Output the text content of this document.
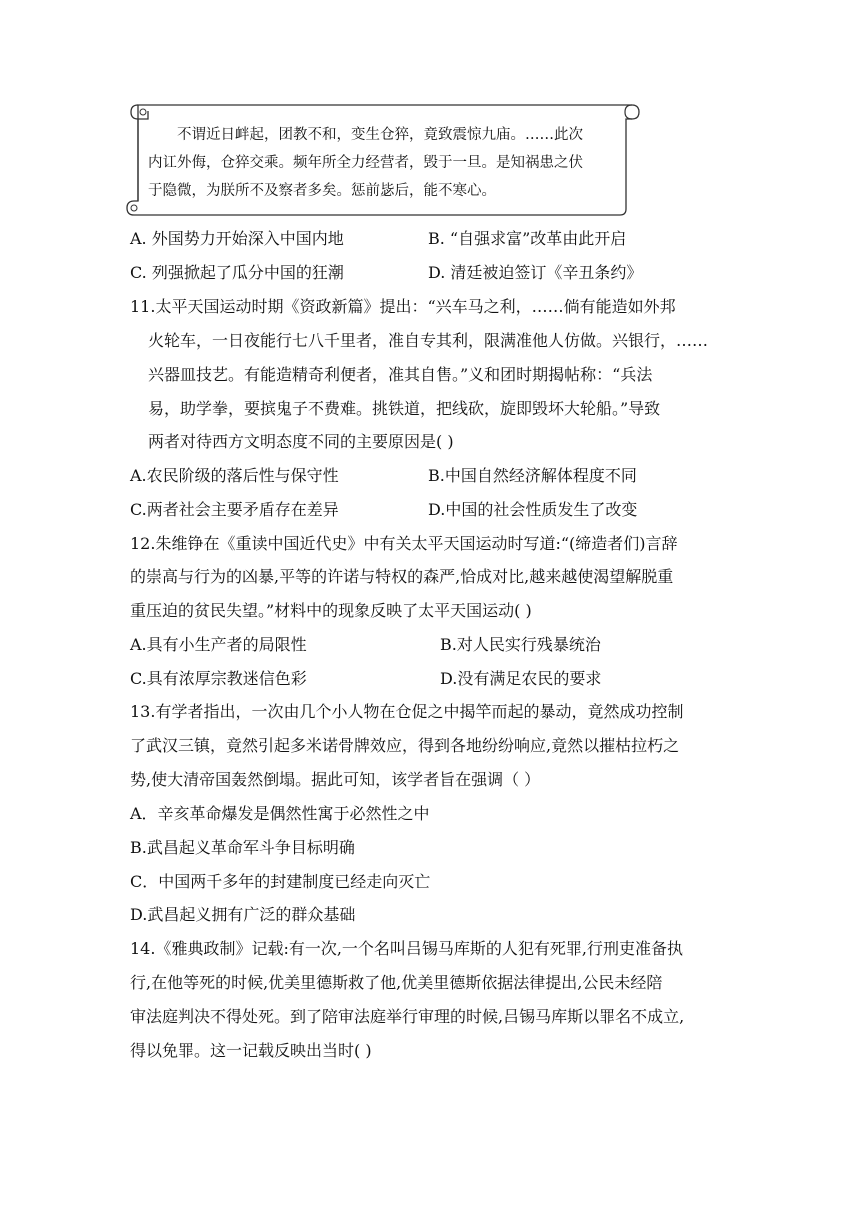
不谓近日衅起，团教不和，变生仓猝，竟致震惊九庙。……此次

内讧外侮，仓猝交乘。频年所全力经营者，毁于一旦。是知祸患之伏

于隐微，为朕所不及察者多矣。惩前毖后，能不寒心。

A. 外国势力开始深入中国内地	B. “自强求富”改革由此开启
C. 列强掀起了瓜分中国的狂潮	D. 清廷被迫签订《辛丑条约》
11.太平天国运动时期《资政新篇》提出：“兴车马之利，……倘有能造如外邦
火轮车，一日夜能行七八千里者，准自专其利，限满准他人仿做。兴银行，……
兴器皿技艺。有能造精奇利便者，准其自售。”义和团时期揭帖称：“兵法
易，助学拳，要摈鬼子不费难。挑铁道，把线砍，旋即毁坏大轮船。”导致
两者对待西方文明态度不同的主要原因是( )
A.农民阶级的落后性与保守性	B.中国自然经济解体程度不同
C.两者社会主要矛盾存在差异	D.中国的社会性质发生了改变
12.朱维铮在《重读中国近代史》中有关太平天国运动时写道:“(缔造者们)言辞
的崇高与行为的凶暴,平等的许诺与特权的森严,恰成对比,越来越使渴望解脱重
重压迫的贫民失望。”材料中的现象反映了太平天国运动( )
A.具有小生产者的局限性	B.对人民实行残暴统治
C.具有浓厚宗教迷信色彩	D.没有满足农民的要求
13.有学者指出，一次由几个小人物在仓促之中揭竿而起的暴动，竟然成功控制
了武汉三镇，竟然引起多米诺骨牌效应，得到各地纷纷响应,竟然以摧枯拉朽之
势,使大清帝国轰然倒塌。据此可知，该学者旨在强调（ ）
A．辛亥革命爆发是偶然性寓于必然性之中
B.武昌起义革命军斗争目标明确
C．中国两千多年的封建制度已经走向灭亡
D.武昌起义拥有广泛的群众基础
14.《雅典政制》记载:有一次,一个名叫吕锡马库斯的人犯有死罪,行刑吏准备执
行,在他等死的时候,优美里德斯救了他,优美里德斯依据法律提出,公民未经陪
审法庭判决不得处死。到了陪审法庭举行审理的时候,吕锡马库斯以罪名不成立,
得以免罪。这一记载反映出当时( )
